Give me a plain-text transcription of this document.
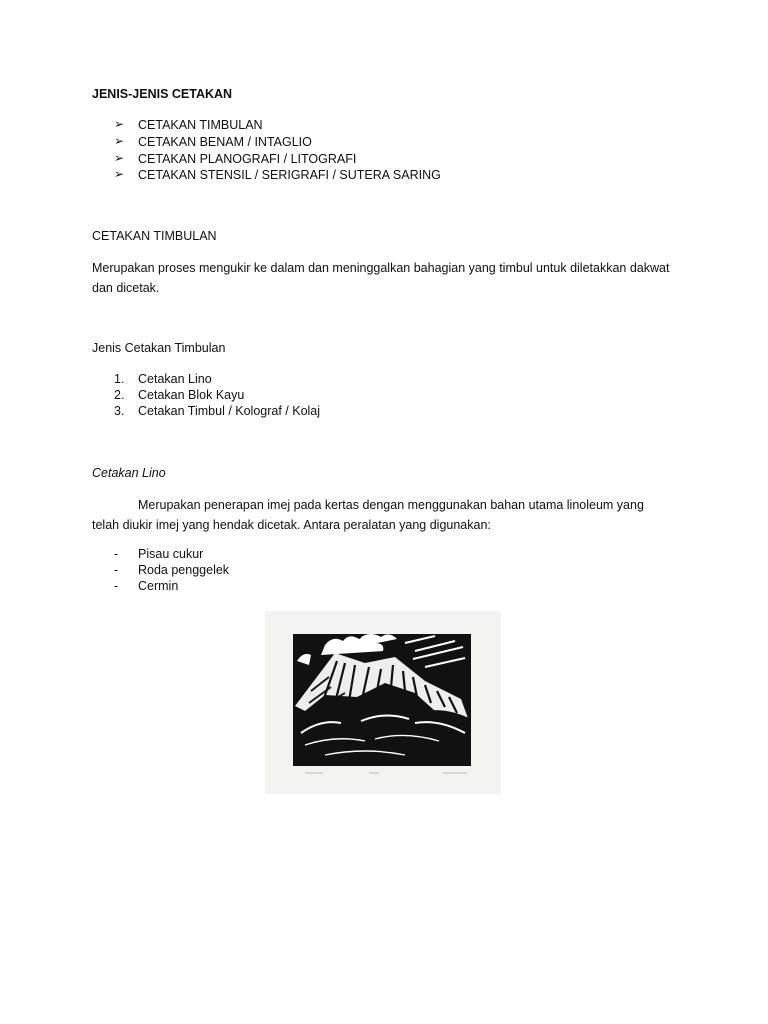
JENIS-JENIS CETAKAN
➢ CETAKAN TIMBULAN
➢ CETAKAN BENAM / INTAGLIO
➢ CETAKAN PLANOGRAFI / LITOGRAFI
➢ CETAKAN STENSIL / SERIGRAFI / SUTERA SARING
CETAKAN TIMBULAN
Merupakan proses mengukir ke dalam dan meninggalkan bahagian yang timbul untuk diletakkan dakwat dan dicetak.
Jenis Cetakan Timbulan
1. Cetakan Lino
2. Cetakan Blok Kayu
3. Cetakan Timbul / Kolograf / Kolaj
Cetakan Lino
Merupakan penerapan imej pada kertas dengan menggunakan bahan utama linoleum yang telah diukir imej yang hendak dicetak. Antara peralatan yang digunakan:
- Pisau cukur
- Roda penggelek
- Cermin
